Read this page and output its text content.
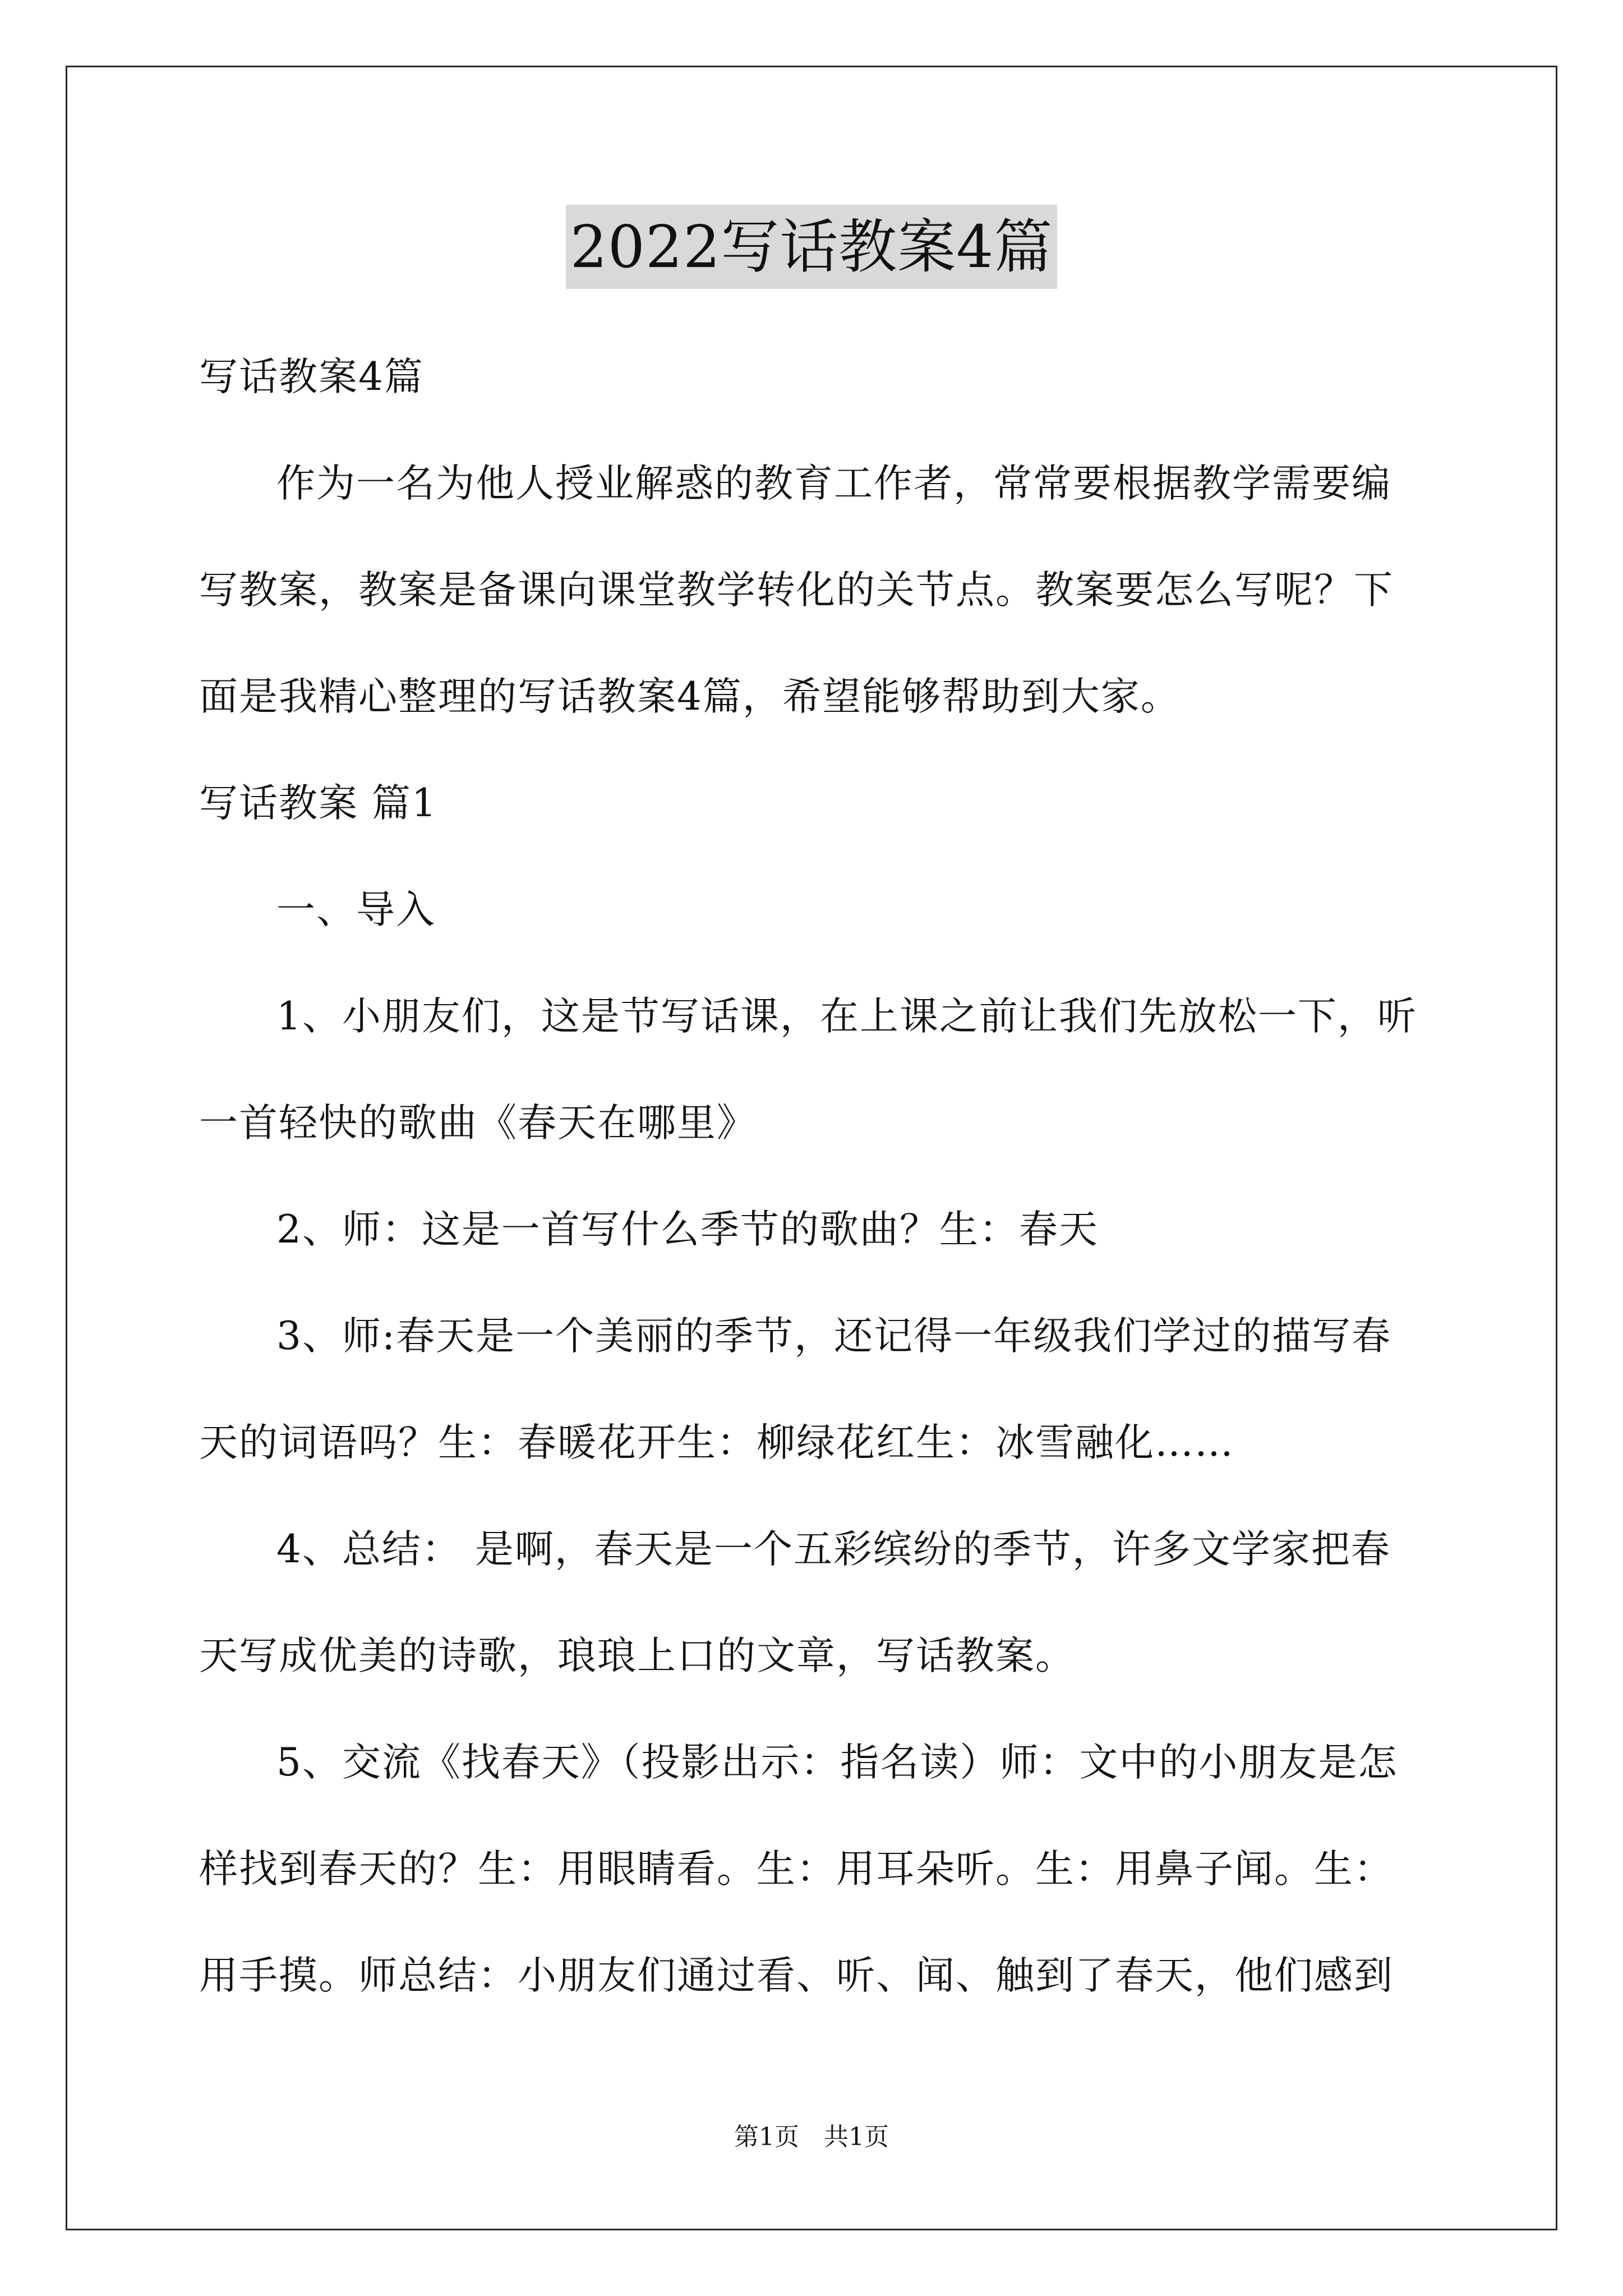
2022写话教案4篇
写话教案4篇
作为一名为他人授业解惑的教育工作者，常常要根据教学需要编
写教案，教案是备课向课堂教学转化的关节点。教案要怎么写呢？下
面是我精心整理的写话教案4篇，希望能够帮助到大家。
写话教案 篇1
一、导入
1、小朋友们，这是节写话课，在上课之前让我们先放松一下，听
一首轻快的歌曲《春天在哪里》
2、师：这是一首写什么季节的歌曲？生：春天
3、师:春天是一个美丽的季节，还记得一年级我们学过的描写春
天的词语吗？生：春暖花开生：柳绿花红生：冰雪融化……
4、总结： 是啊，春天是一个五彩缤纷的季节，许多文学家把春
天写成优美的诗歌，琅琅上口的文章，写话教案。
5、交流《找春天》（投影出示：指名读）师：文中的小朋友是怎
样找到春天的？生：用眼睛看。生：用耳朵听。生：用鼻子闻。生：
用手摸。师总结：小朋友们通过看、听、闻、触到了春天，他们感到
第1页　共1页
